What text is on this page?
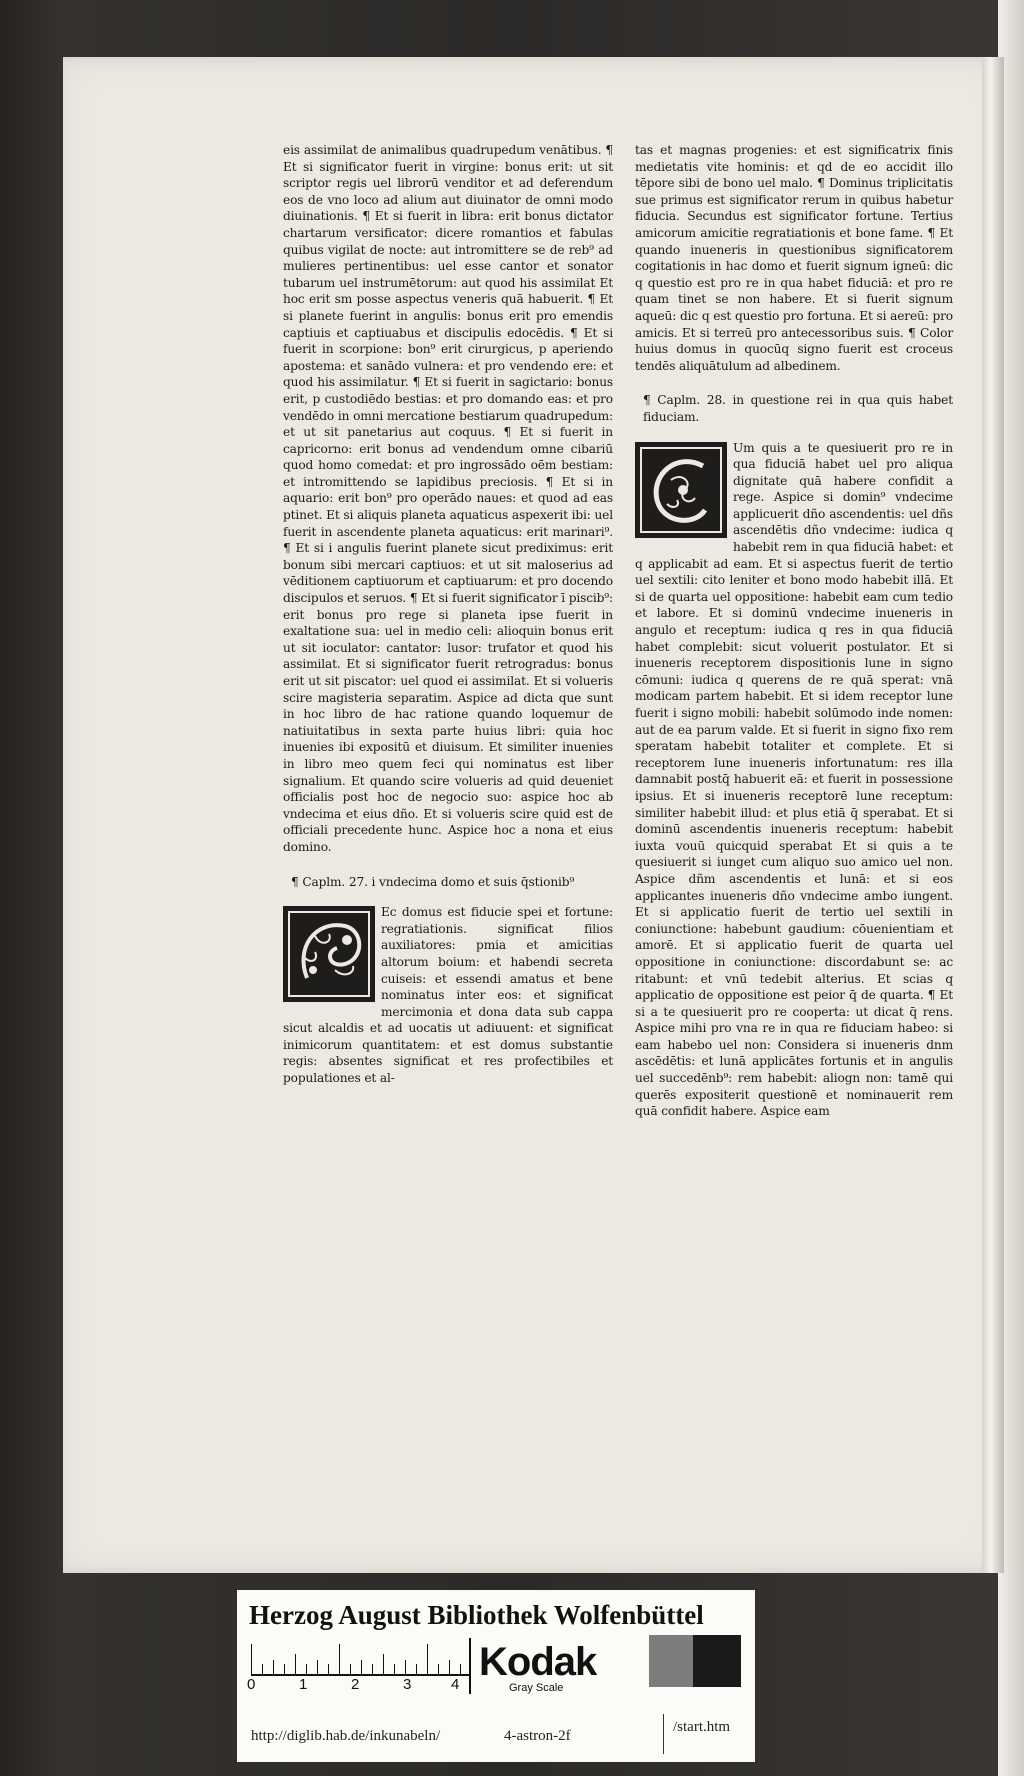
eis assimilat de animalibus quadrupedum venātibus. ¶ Et si significator fuerit in virgine: bonus erit: ut sit scriptor regis uel librorū venditor et ad deferendum eos de vno loco ad alium aut diuinator de omni modo diuinationis. ¶ Et si fuerit in libra: erit bonus dictator chartarum versificator: dicere romantios et fabulas quibus vigilat de nocte: aut intromittere se de reb⁹ ad mulieres pertinentibus: uel esse cantor et sonator tubarum uel instrumētorum: aut quod his assimilat Et hoc erit sm posse aspectus veneris quā habuerit. ¶ Et si planete fuerint in angulis: bonus erit pro emendis captiuis et captiuabus et discipulis edocēdis. ¶ Et si fuerit in scorpione: bon⁹ erit cirurgicus, p aperiendo apostema: et sanādo vulnera: et pro vendendo ere: et quod his assimilatur. ¶ Et si fuerit in sagictario: bonus erit, p custodiēdo bestias: et pro domando eas: et pro vendēdo in omni mercatione bestiarum quadrupedum: et ut sit panetarius aut coquus. ¶ Et si fuerit in capricorno: erit bonus ad vendendum omne cibariū quod homo comedat: et pro ingrossādo oēm bestiam: et intromittendo se lapidibus preciosis. ¶ Et si in aquario: erit bon⁹ pro operādo naues: et quod ad eas ptinet. Et si aliquis planeta aquaticus aspexerit ibi: uel fuerit in ascendente planeta aquaticus: erit marinari⁹. ¶ Et si i angulis fuerint planete sicut prediximus: erit bonum sibi mercari captiuos: et ut sit maloserius ad vēditionem captiuorum et captiuarum: et pro docendo discipulos et seruos. ¶ Et si fuerit significator ī piscib⁹: erit bonus pro rege si planeta ipse fuerit in exaltatione sua: uel in medio celi: alioquin bonus erit ut sit ioculator: cantator: lusor: trufator et quod his assimilat. Et si significator fuerit retrogradus: bonus erit ut sit piscator: uel quod ei assimilat. Et si volueris scire magisteria separatim. Aspice ad dicta que sunt in hoc libro de hac ratione quando loquemur de natiuitatibus in sexta parte huius libri: quia hoc inuenies ibi expositū et diuisum. Et similiter inuenies in libro meo quem feci qui nominatus est liber signalium. Et quando scire volueris ad quid deueniet officialis post hoc de negocio suo: aspice hoc ab vndecima et eius dño. Et si volueris scire quid est de officiali precedente hunc. Aspice hoc a nona et eius domino.

¶ Caplm. 27. i vndecima domo et suis q̄stionib⁹

Ec domus est fiducie spei et fortune: regratiationis. significat filios auxiliatores: pmia et amicitias altorum boium: et habendi secreta cuiseis: et essendi amatus et bene nominatus inter eos: et significat mercimonia et dona data sub cappa sicut alcaldis et ad uocatis ut adiuuent: et significat inimicorum quantitatem: et est domus substantie regis: absentes significat et res profectibiles et populationes et al-

tas et magnas progenies: et est significatrix finis medietatis vite hominis: et qd de eo accidit illo tēpore sibi de bono uel malo. ¶ Dominus triplicitatis sue primus est significator rerum in quibus habetur fiducia. Secundus est significator fortune. Tertius amicorum amicitie regratiationis et bone fame. ¶ Et quando inueneris in questionibus significatorem cogitationis in hac domo et fuerit signum igneū: dic q questio est pro re in qua habet fiduciā: et pro re quam tinet se non habere. Et si fuerit signum aqueū: dic q est questio pro fortuna. Et si aereū: pro amicis. Et si terreū pro antecessoribus suis. ¶ Color huius domus in quocūq signo fuerit est croceus tendēs aliquātulum ad albedinem.

¶ Caplm. 28. in questione rei in qua quis habet fiduciam.

Um quis a te quesiuerit pro re in qua fiduciā habet uel pro aliqua dignitate quā habere confidit a rege. Aspice si domin⁹ vndecime applicuerit dño ascendentis: uel dñs ascendētis dño vndecime: iudica q habebit rem in qua fiduciā habet: et q applicabit ad eam. Et si aspectus fuerit de tertio uel sextili: cito leniter et bono modo habebit illā. Et si de quarta uel oppositione: habebit eam cum tedio et labore. Et si dominū vndecime inueneris in angulo et receptum: iudica q res in qua fiduciā habet complebit: sicut voluerit postulator. Et si inueneris receptorem dispositionis lune in signo cōmuni: iudica q querens de re quā sperat: vnā modicam partem habebit. Et si idem receptor lune fuerit i signo mobili: habebit solūmodo inde nomen: aut de ea parum valde. Et si fuerit in signo fixo rem speratam habebit totaliter et complete. Et si receptorem lune inueneris infortunatum: res illa damnabit postq̄ habuerit eā: et fuerit in possessione ipsius. Et si inueneris receptorē lune receptum: similiter habebit illud: et plus etiā q̄ sperabat. Et si dominū ascendentis inueneris receptum: habebit iuxta vouū quicquid sperabat Et si quis a te quesiuerit si iunget cum aliquo suo amico uel non. Aspice dñm ascendentis et lunā: et si eos applicantes inueneris dño vndecime ambo iungent. Et si applicatio fuerit de tertio uel sextili in coniunctione: habebunt gaudium: cōuenientiam et amorē. Et si applicatio fuerit de quarta uel oppositione in coniunctione: discordabunt se: ac ritabunt: et vnū tedebit alterius. Et scias q applicatio de oppositione est peior q̄ de quarta. ¶ Et si a te quesiuerit pro re cooperta: ut dicat q̄ rens. Aspice mihi pro vna re in qua re fiduciam habeo: si eam habebo uel non: Considera si inueneris dnm ascēdētis: et lunā applicātes fortunis et in angulis uel succedēnb⁹: rem habebit: aliogn non: tamē qui querēs expositerit questionē et nominauerit rem quā confidit habere. Aspice eam

Herzog August Bibliothek Wolfenbüttel
0	1	2	3	4
Kodak
Gray Scale
http://diglib.hab.de/inkunabeln/	4-astron-2f
/start.htm
